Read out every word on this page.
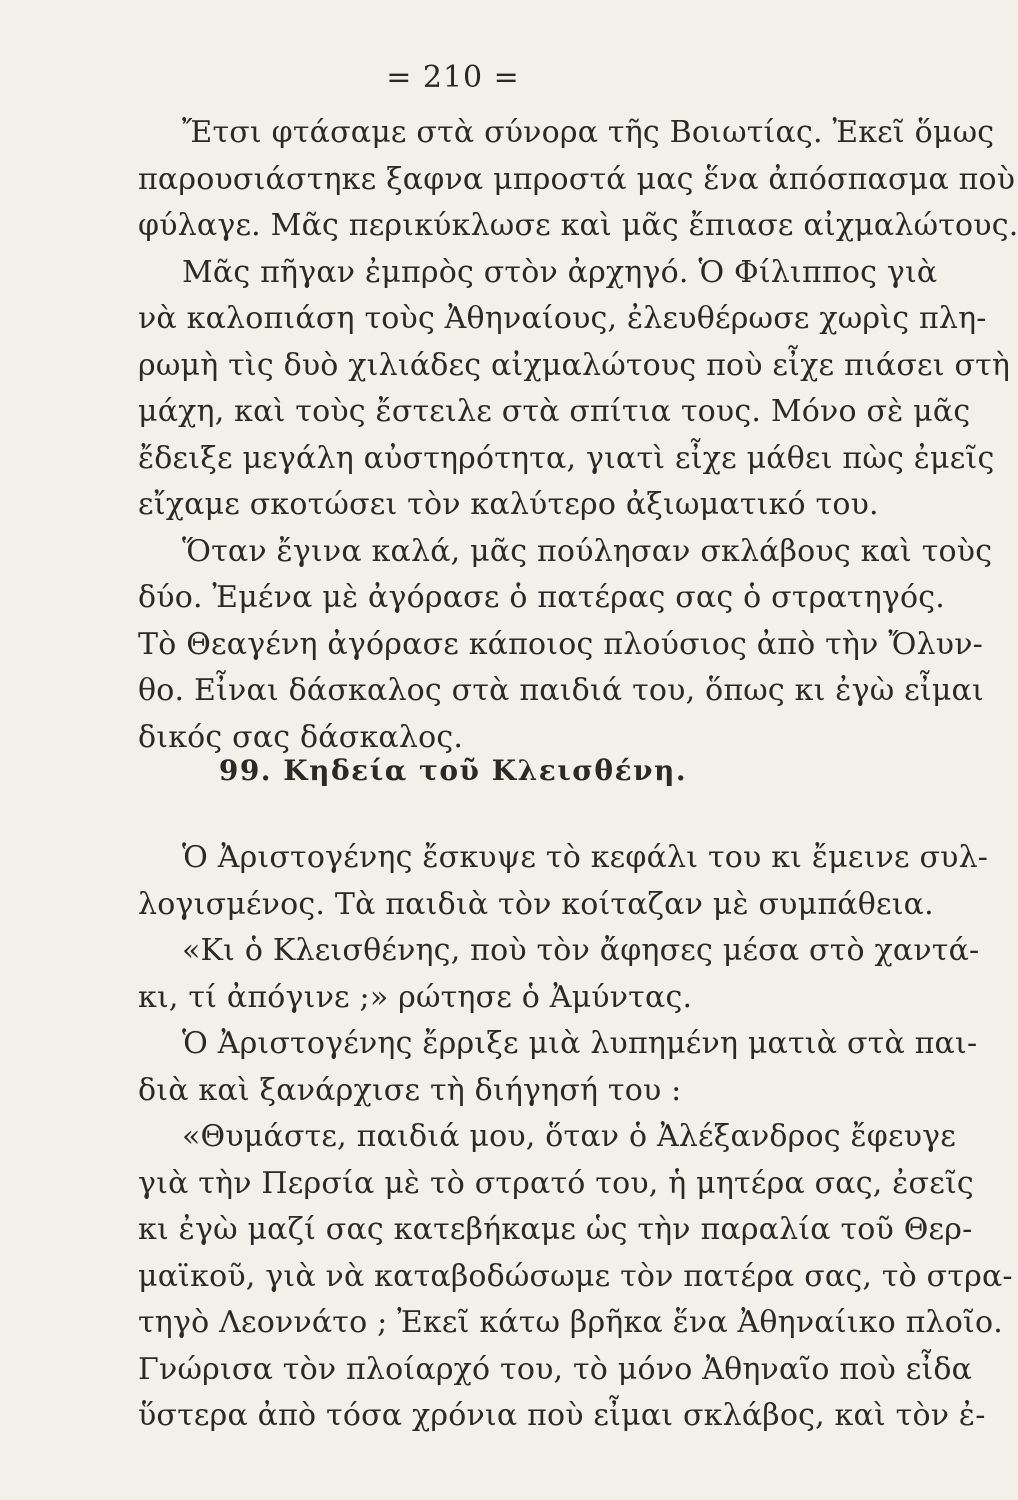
= 210 =
Ἔτσι φτάσαμε στὰ σύνορα τῆς Βοιωτίας. Ἐκεῖ ὅμως
παρουσιάστηκε ξαφνα μπροστά μας ἕνα ἀπόσπασμα ποὺ
φύλαγε. Μᾶς περικύκλωσε καὶ μᾶς ἔπιασε αἰχμαλώτους.
Μᾶς πῆγαν ἐμπρὸς στὸν ἀρχηγό. Ὁ Φίλιππος γιὰ
νὰ καλοπιάση τοὺς Ἀθηναίους, ἐλευθέρωσε χωρὶς πλη-
ρωμὴ τὶς δυὸ χιλιάδες αἰχμαλώτους ποὺ εἶχε πιάσει στὴ
μάχη, καὶ τοὺς ἔστειλε στὰ σπίτια τους. Μόνο σὲ μᾶς
ἔδειξε μεγάλη αὐστηρότητα, γιατὶ εἶχε μάθει πὼς ἐμεῖς
εἴχαμε σκοτώσει τὸν καλύτερο ἀξιωματικό του.
Ὅταν ἔγινα καλά, μᾶς πούλησαν σκλάβους καὶ τοὺς
δύο. Ἐμένα μὲ ἀγόρασε ὁ πατέρας σας ὁ στρατηγός.
Τὸ Θεαγένη ἀγόρασε κάποιος πλούσιος ἀπὸ τὴν Ὄλυν-
θο. Εἶναι δάσκαλος στὰ παιδιά του, ὅπως κι ἐγὼ εἶμαι
δικός σας δάσκαλος.
99. Κηδεία τοῦ Κλεισθένη.
Ὁ Ἀριστογένης ἔσκυψε τὸ κεφάλι του κι ἔμεινε συλ-
λογισμένος. Τὰ παιδιὰ τὸν κοίταζαν μὲ συμπάθεια.
«Κι ὁ Κλεισθένης, ποὺ τὸν ἄφησες μέσα στὸ χαντά-
κι, τί ἀπόγινε ;» ρώτησε ὁ Ἀμύντας.
Ὁ Ἀριστογένης ἔρριξε μιὰ λυπημένη ματιὰ στὰ παι-
διὰ καὶ ξανάρχισε τὴ διήγησή του :
«Θυμάστε, παιδιά μου, ὅταν ὁ Ἀλέξανδρος ἔφευγε
γιὰ τὴν Περσία μὲ τὸ στρατό του, ἡ μητέρα σας, ἐσεῖς
κι ἐγὼ μαζί σας κατεβήκαμε ὡς τὴν παραλία τοῦ Θερ-
μαϊκοῦ, γιὰ νὰ καταβοδώσωμε τὸν πατέρα σας, τὸ στρα-
τηγὸ Λεοννάτο ; Ἐκεῖ κάτω βρῆκα ἕνα Ἀθηναίικο πλοῖο.
Γνώρισα τὸν πλοίαρχό του, τὸ μόνο Ἀθηναῖο ποὺ εἶδα
ὕστερα ἀπὸ τόσα χρόνια ποὺ εἶμαι σκλάβος, καὶ τὸν ἐ-
